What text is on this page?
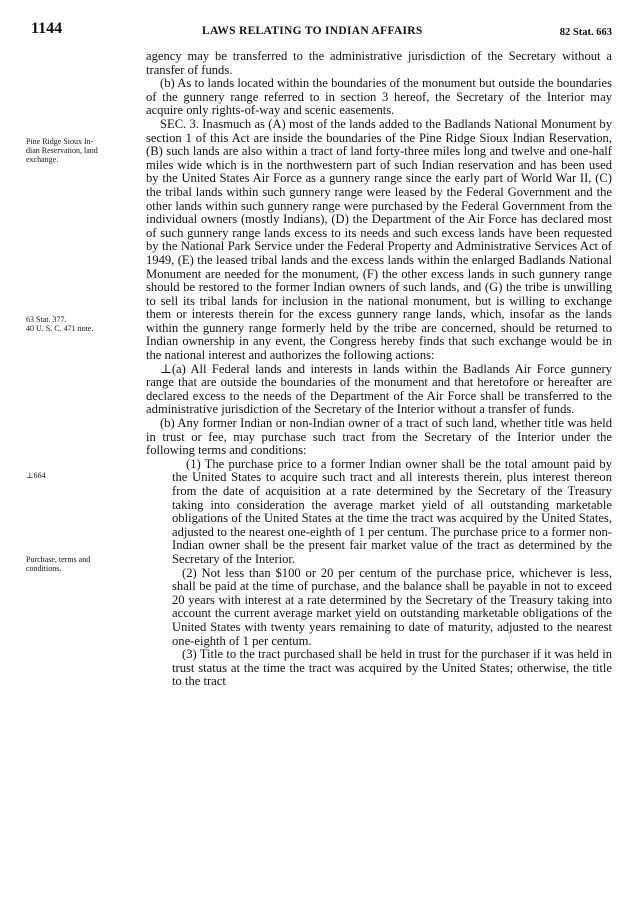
1144	LAWS RELATING TO INDIAN AFFAIRS	82 Stat. 663
Pine Ridge Sioux In-
dian Reservation, land
exchange.
63 Stat. 377.
40 U. S. C. 471 note.
⊥664
Purchase, terms and
conditions.

agency may be transferred to the administrative jurisdiction of the Secretary without a transfer of funds.

(b) As to lands located within the boundaries of the monument but outside the boundaries of the gunnery range referred to in section 3 hereof, the Secretary of the Interior may acquire only rights-of-way and scenic easements.

SEC. 3. Inasmuch as (A) most of the lands added to the Badlands National Monument by section 1 of this Act are inside the boundaries of the Pine Ridge Sioux Indian Reservation, (B) such lands are also within a tract of land forty-three miles long and twelve and one-half miles wide which is in the northwestern part of such Indian reservation and has been used by the United States Air Force as a gunnery range since the early part of World War II, (C) the tribal lands within such gunnery range were leased by the Federal Government and the other lands within such gunnery range were purchased by the Federal Government from the individual owners (mostly Indians), (D) the Department of the Air Force has declared most of such gunnery range lands excess to its needs and such excess lands have been requested by the National Park Service under the Federal Property and Administrative Services Act of 1949, (E) the leased tribal lands and the excess lands within the enlarged Badlands National Monument are needed for the monument, (F) the other excess lands in such gunnery range should be restored to the former Indian owners of such lands, and (G) the tribe is unwilling to sell its tribal lands for inclusion in the national monument, but is willing to exchange them or interests therein for the excess gunnery range lands, which, insofar as the lands within the gunnery range formerly held by the tribe are concerned, should be returned to Indian ownership in any event, the Congress hereby finds that such exchange would be in the national interest and authorizes the following actions:

⊥(a) All Federal lands and interests in lands within the Badlands Air Force gunnery range that are outside the boundaries of the monument and that heretofore or hereafter are declared excess to the needs of the Department of the Air Force shall be transferred to the administrative jurisdiction of the Secretary of the Interior without a transfer of funds.

(b) Any former Indian or non-Indian owner of a tract of such land, whether title was held in trust or fee, may purchase such tract from the Secretary of the Interior under the following terms and conditions:

(1) The purchase price to a former Indian owner shall be the total amount paid by the United States to acquire such tract and all interests therein, plus interest thereon from the date of acquisition at a rate determined by the Secretary of the Treasury taking into consideration the average market yield of all outstanding marketable obligations of the United States at the time the tract was acquired by the United States, adjusted to the nearest one-eighth of 1 per centum. The purchase price to a former non-Indian owner shall be the present fair market value of the tract as determined by the Secretary of the Interior.

(2) Not less than $100 or 20 per centum of the purchase price, whichever is less, shall be paid at the time of purchase, and the balance shall be payable in not to exceed 20 years with interest at a rate determined by the Secretary of the Treasury taking into account the current average market yield on outstanding marketable obligations of the United States with twenty years remaining to date of maturity, adjusted to the nearest one-eighth of 1 per centum.

(3) Title to the tract purchased shall be held in trust for the purchaser if it was held in trust status at the time the tract was acquired by the United States; otherwise, the title to the tract
